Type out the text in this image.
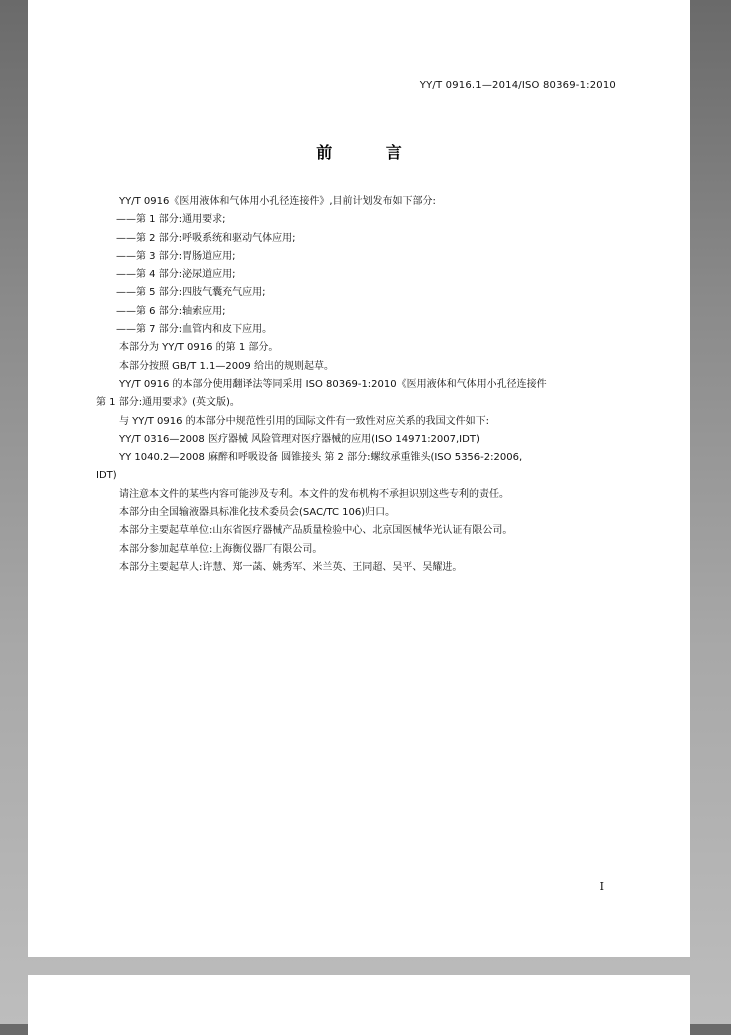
YY/T 0916.1—2014/ISO 80369-1:2010
前 言
YY/T 0916《医用液体和气体用小孔径连接件》,目前计划发布如下部分:
——第 1 部分:通用要求;
——第 2 部分:呼吸系统和驱动气体应用;
——第 3 部分:胃肠道应用;
——第 4 部分:泌尿道应用;
——第 5 部分:四肢气囊充气应用;
——第 6 部分:轴索应用;
——第 7 部分:血管内和皮下应用。
本部分为 YY/T 0916 的第 1 部分。
本部分按照 GB/T 1.1—2009 给出的规则起草。
YY/T 0916 的本部分使用翻译法等同采用 ISO 80369-1:2010《医用液体和气体用小孔径连接件
第 1 部分:通用要求》(英文版)。
与 YY/T 0916 的本部分中规范性引用的国际文件有一致性对应关系的我国文件如下:
YY/T 0316—2008 医疗器械 风险管理对医疗器械的应用(ISO 14971:2007,IDT)
YY 1040.2—2008 麻醉和呼吸设备 圆锥接头 第 2 部分:螺纹承重锥头(ISO 5356-2:2006,
IDT)
请注意本文件的某些内容可能涉及专利。本文件的发布机构不承担识别这些专利的责任。
本部分由全国输液器具标准化技术委员会(SAC/TC 106)归口。
本部分主要起草单位:山东省医疗器械产品质量检验中心、北京国医械华光认证有限公司。
本部分参加起草单位:上海衡仪器厂有限公司。
本部分主要起草人:许慧、郑一菡、姚秀军、米兰英、王同超、吴平、吴耀进。
I
